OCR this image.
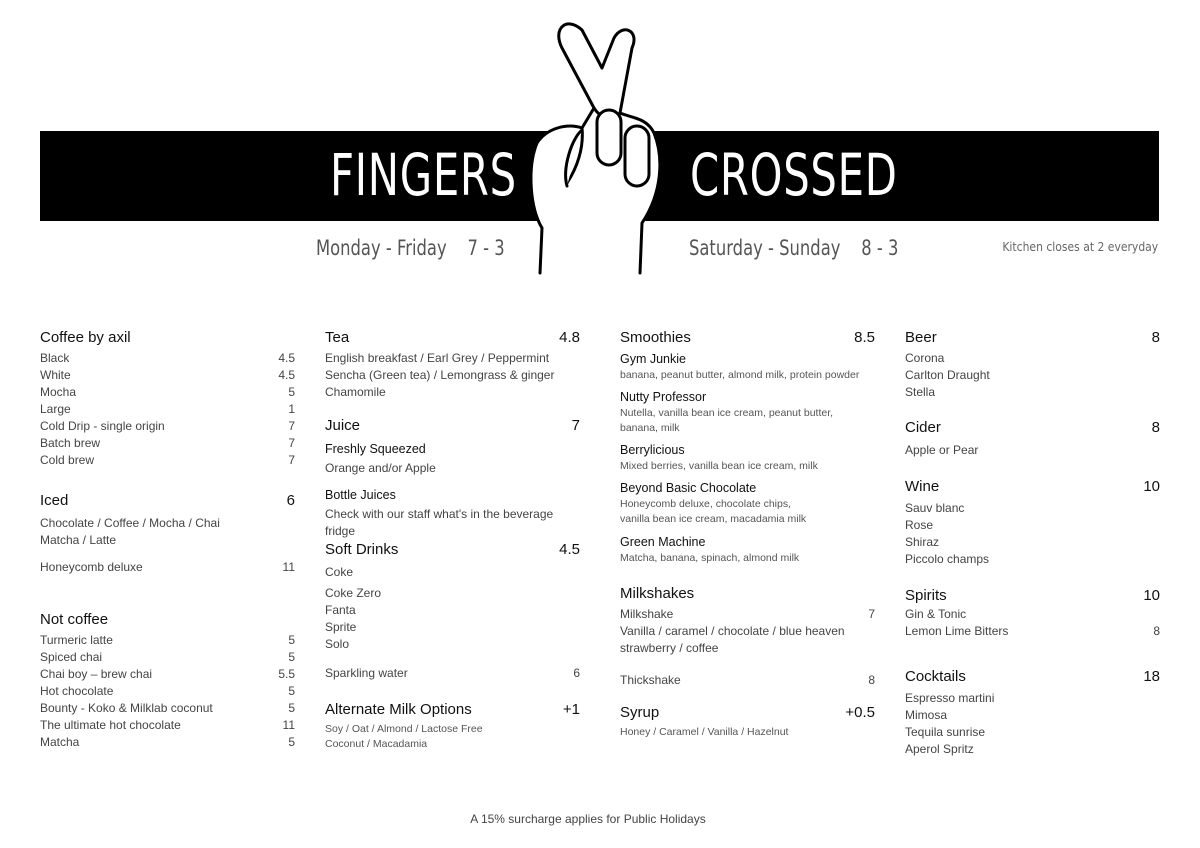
FINGERS	CROSSED
Monday - Friday    7 - 3	Saturday - Sunday    8 - 3	Kitchen closes at 2 everyday
Coffee by axil
Black	4.5
White	4.5
Mocha	5
Large	1
Cold Drip - single origin	7
Batch brew	7
Cold brew	7
Iced	6
Chocolate / Coffee / Mocha / Chai
Matcha / Latte
Honeycomb deluxe	11
Not coffee
Turmeric latte	5
Spiced chai	5
Chai boy – brew chai	5.5
Hot chocolate	5
Bounty - Koko & Milklab coconut	5
The ultimate hot chocolate	11
Matcha	5
Tea	4.8
English breakfast / Earl Grey / Peppermint
Sencha (Green tea) / Lemongrass & ginger
Chamomile
Juice	7
Freshly Squeezed
Orange and/or Apple
Bottle Juices
Check with our staff what's in the beverage fridge
Soft Drinks	4.5
Coke
Coke Zero
Fanta
Sprite
Solo
Sparkling water	6
Alternate Milk Options	+1
Soy / Oat / Almond / Lactose Free
Coconut / Macadamia
Smoothies	8.5
Gym Junkie
banana, peanut butter, almond milk, protein powder
Nutty Professor
Nutella, vanilla bean ice cream, peanut butter,
banana, milk
Berrylicious
Mixed berries, vanilla bean ice cream, milk
Beyond Basic Chocolate
Honeycomb deluxe, chocolate chips,
vanilla bean ice cream, macadamia milk
Green Machine
Matcha, banana, spinach, almond milk
Milkshakes
Milkshake	7
Vanilla / caramel / chocolate / blue heaven
strawberry / coffee
Thickshake	8
Syrup	+0.5
Honey / Caramel / Vanilla / Hazelnut
Beer	8
Corona
Carlton Draught
Stella
Cider	8
Apple or Pear
Wine	10
Sauv blanc
Rose
Shiraz
Piccolo champs
Spirits	10
Gin & Tonic
Lemon Lime Bitters	8
Cocktails	18
Espresso martini
Mimosa
Tequila sunrise
Aperol Spritz
A 15% surcharge applies for Public Holidays
